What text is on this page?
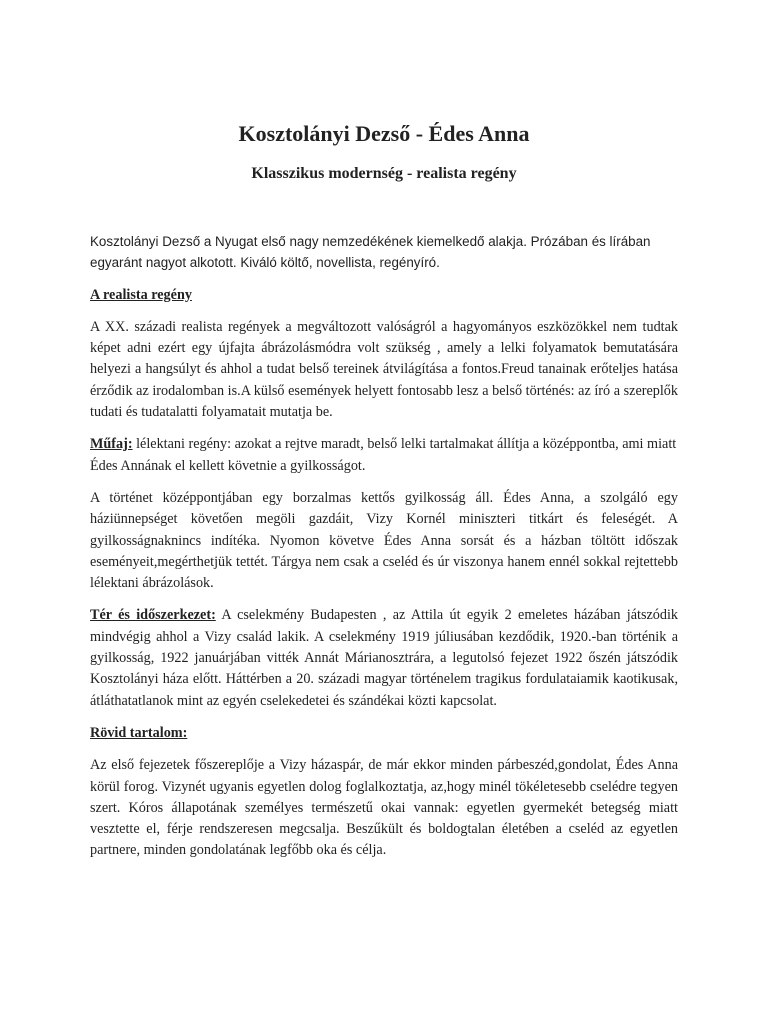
Kosztolányi Dezső - Édes Anna
Klasszikus modernség - realista regény

Kosztolányi Dezső a Nyugat első nagy nemzedékének kiemelkedő alakja. Prózában és lírában egyaránt nagyot alkotott. Kiváló költő, novellista, regényíró.

A realista regény

A XX. századi realista regények a megváltozott valóságról a hagyományos eszközökkel nem tudtak képet adni ezért egy újfajta ábrázolásmódra volt szükség , amely a lelki folyamatok bemutatására helyezi a hangsúlyt és ahhol a tudat belső tereinek átvilágítása a fontos.Freud tanainak erőteljes hatása érződik az irodalomban is.A külső események helyett fontosabb lesz a belső történés: az író a szereplők tudati és tudatalatti folyamatait mutatja be.

Műfaj: lélektani regény: azokat a rejtve maradt, belső lelki tartalmakat állítja a középpontba, ami miatt Édes Annának el kellett követnie a gyilkosságot.

A történet középpontjában egy borzalmas kettős gyilkosság áll. Édes Anna, a szolgáló egy háziünnepséget követően megöli gazdáit, Vizy Kornél miniszteri titkárt és feleségét. A gyilkosságnaknincs indítéka. Nyomon követve Édes Anna sorsát és a házban töltött időszak eseményeit,megérthetjük tettét. Tárgya nem csak a cseléd és úr viszonya hanem ennél sokkal rejtettebb lélektani ábrázolások.

Tér és időszerkezet: A cselekmény Budapesten , az Attila út egyik 2 emeletes házában játszódik mindvégig ahhol a Vizy család lakik. A cselekmény 1919 júliusában kezdődik, 1920.-ban történik a gyilkosság, 1922 januárjában vitték Annát Márianosztrára, a legutolsó fejezet 1922 őszén játszódik Kosztolányi háza előtt. Háttérben a 20. századi magyar történelem tragikus fordulataiamik kaotikusak, átláthatatlanok mint az egyén cselekedetei és szándékai közti kapcsolat.

Rövid tartalom:

Az első fejezetek főszereplője a Vizy házaspár, de már ekkor minden párbeszéd,gondolat, Édes Anna körül forog. Vizynét ugyanis egyetlen dolog foglalkoztatja, az,hogy minél tökéletesebb cselédre tegyen szert. Kóros állapotának személyes természetű okai vannak: egyetlen gyermekét betegség miatt vesztette el, férje rendszeresen megcsalja. Beszűkült és boldogtalan életében a cseléd az egyetlen partnere, minden gondolatának legfőbb oka és célja.
